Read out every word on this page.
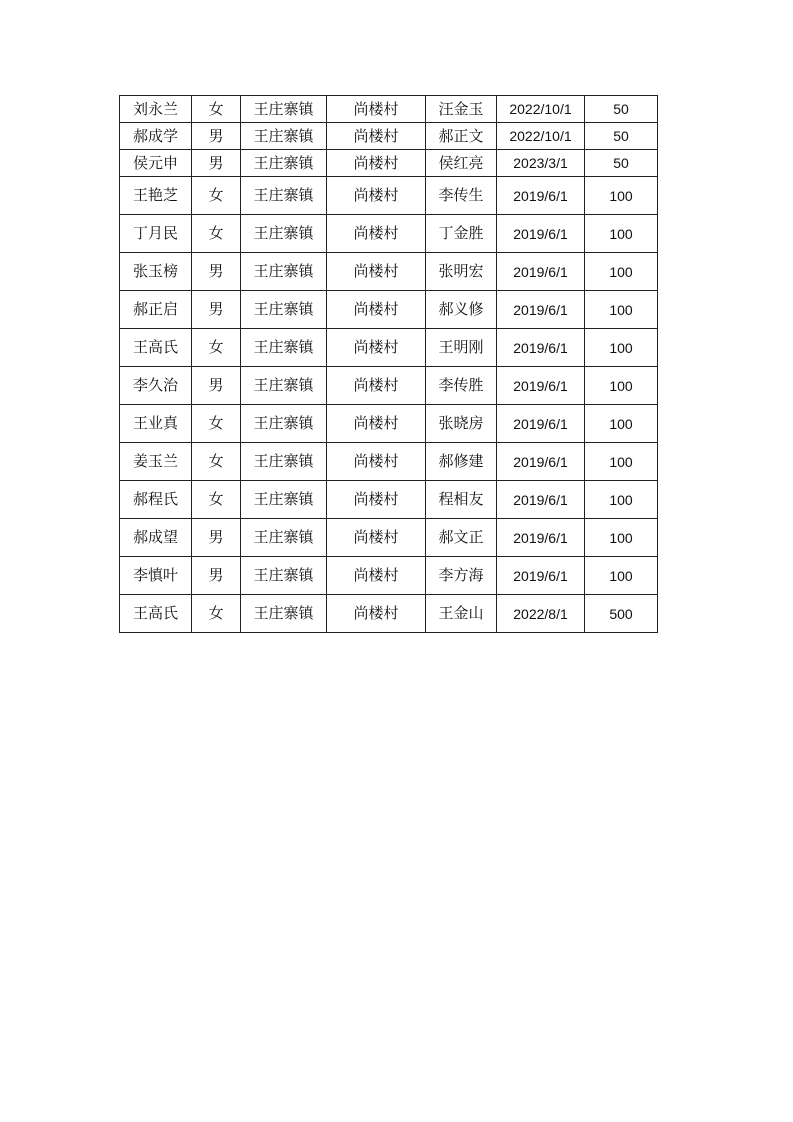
刘永兰	女	王庄寨镇	尚楼村	汪金玉	2022/10/1	50
郝成学	男	王庄寨镇	尚楼村	郝正文	2022/10/1	50
侯元申	男	王庄寨镇	尚楼村	侯红亮	2023/3/1	50
王艳芝	女	王庄寨镇	尚楼村	李传生	2019/6/1	100
丁月民	女	王庄寨镇	尚楼村	丁金胜	2019/6/1	100
张玉榜	男	王庄寨镇	尚楼村	张明宏	2019/6/1	100
郝正启	男	王庄寨镇	尚楼村	郝义修	2019/6/1	100
王高氏	女	王庄寨镇	尚楼村	王明刚	2019/6/1	100
李久治	男	王庄寨镇	尚楼村	李传胜	2019/6/1	100
王业真	女	王庄寨镇	尚楼村	张晓房	2019/6/1	100
姜玉兰	女	王庄寨镇	尚楼村	郝修建	2019/6/1	100
郝程氏	女	王庄寨镇	尚楼村	程相友	2019/6/1	100
郝成望	男	王庄寨镇	尚楼村	郝文正	2019/6/1	100
李慎叶	男	王庄寨镇	尚楼村	李方海	2019/6/1	100
王高氏	女	王庄寨镇	尚楼村	王金山	2022/8/1	500
